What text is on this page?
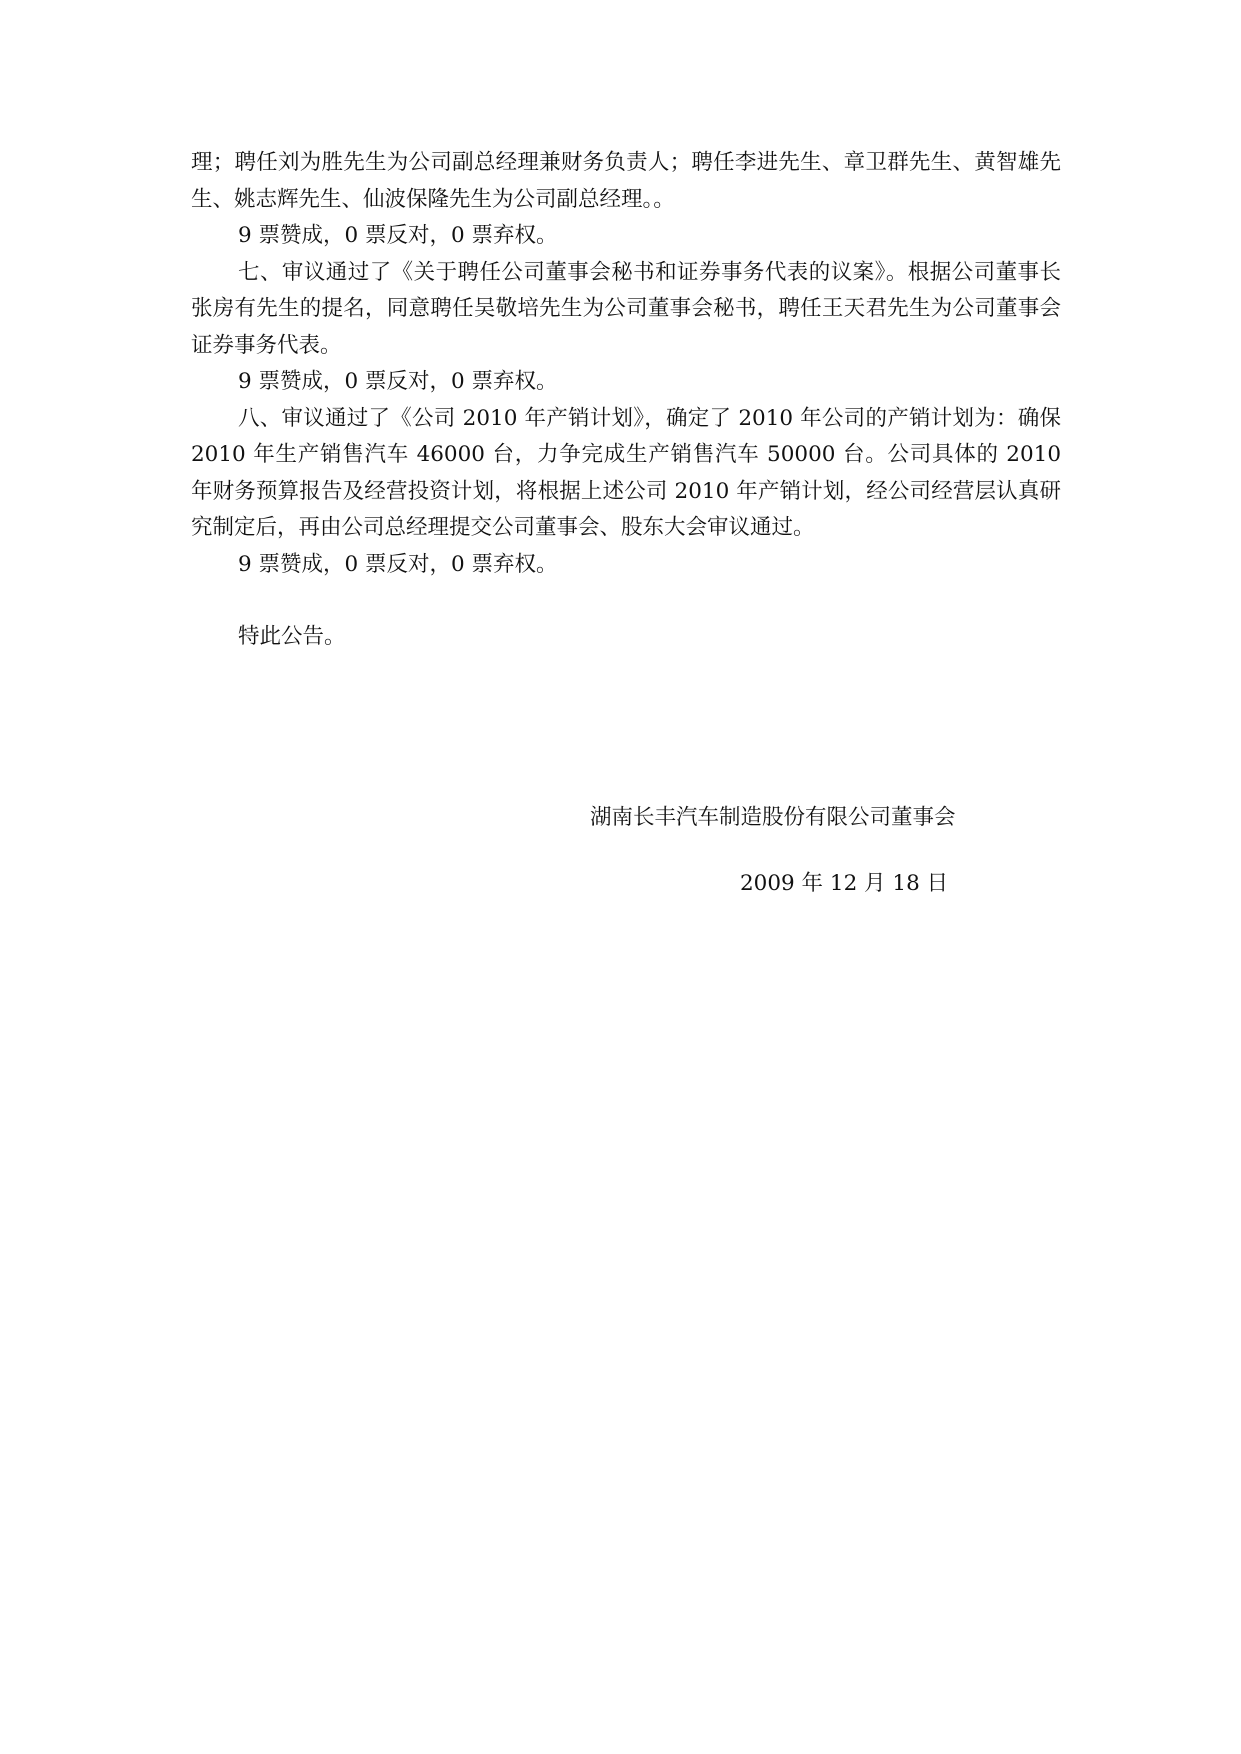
理；聘任刘为胜先生为公司副总经理兼财务负责人；聘任李进先生、章卫群先生、黄智雄先生、姚志辉先生、仙波保隆先生为公司副总经理。。

9 票赞成，0 票反对，0 票弃权。

七、审议通过了《关于聘任公司董事会秘书和证券事务代表的议案》。根据公司董事长张房有先生的提名，同意聘任吴敬培先生为公司董事会秘书，聘任王天君先生为公司董事会证券事务代表。

9 票赞成，0 票反对，0 票弃权。

八、审议通过了《公司 2010 年产销计划》，确定了 2010 年公司的产销计划为：确保 2010 年生产销售汽车 46000 台，力争完成生产销售汽车 50000 台。公司具体的 2010 年财务预算报告及经营投资计划，将根据上述公司 2010 年产销计划，经公司经营层认真研究制定后，再由公司总经理提交公司董事会、股东大会审议通过。

9 票赞成，0 票反对，0 票弃权。

特此公告。

湖南长丰汽车制造股份有限公司董事会
2009 年 12 月 18 日
